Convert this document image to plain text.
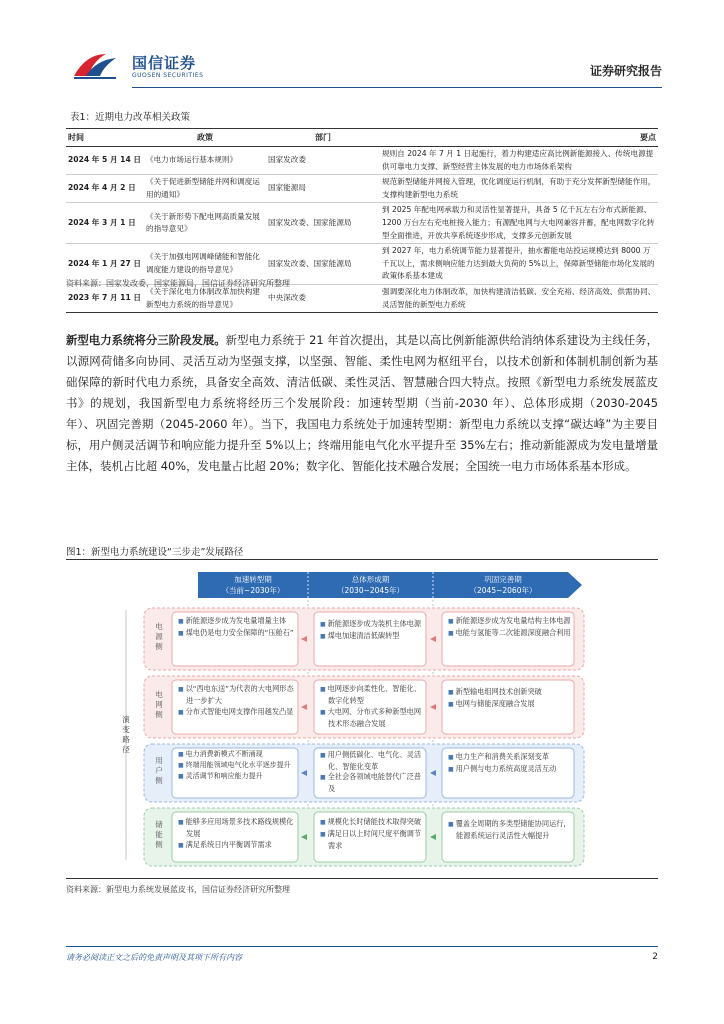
国信证券
GUOSEN SECURITIES	证券研究报告
表1：近期电力改革相关政策
时间	政策	部门	要点
2024 年 5 月 14 日	《电力市场运行基本规则》	国家发改委	规则自 2024 年 7 月 1 日起施行，着力构建适应高比例新能源接入、传统电源提供可靠电力支撑、新型经营主体发展的电力市场体系架构
2024 年 4 月 2 日	《关于促进新型储能并网和调度运用的通知》	国家能源局	规范新型储能并网接入管理，优化调度运行机制，有助于充分发挥新型储能作用，支撑构建新型电力系统
2024 年 3 月 1 日	《关于新形势下配电网高质量发展的指导意见》	国家发改委、国家能源局	到 2025 年配电网承载力和灵活性显著提升，具备 5 亿千瓦左右分布式新能源、1200 万台左右充电桩接入能力；有源配电网与大电网兼容并蓄，配电网数字化转型全面推进，开放共享系统逐步形成，支撑多元创新发展
2024 年 1 月 27 日	《关于加强电网调峰储能和智能化调度能力建设的指导意见》	国家发改委、国家能源局	到 2027 年，电力系统调节能力显著提升，抽水蓄能电站投运规模达到 8000 万千瓦以上，需求侧响应能力达到最大负荷的 5%以上，保障新型储能市场化发展的政策体系基本建成
2023 年 7 月 11 日	《关于深化电力体制改革加快构建新型电力系统的指导意见》	中央深改委	强调要深化电力体制改革，加快构建清洁低碳、安全充裕、经济高效、供需协同、灵活智能的新型电力系统
资料来源：国家发改委，国家能源局，国信证券经济研究所整理
新型电力系统将分三阶段发展。新型电力系统于 21 年首次提出，其是以高比例新能源供给消纳体系建设为主线任务，以源网荷储多向协同、灵活互动为坚强支撑，以坚强、智能、柔性电网为枢纽平台，以技术创新和体制机制创新为基础保障的新时代电力系统，具备安全高效、清洁低碳、柔性灵活、智慧融合四大特点。按照《新型电力系统发展蓝皮书》的规划，我国新型电力系统将经历三个发展阶段：加速转型期（当前-2030 年）、总体形成期（2030-2045 年）、巩固完善期（2045-2060 年）。当下，我国电力系统处于加速转型期：新型电力系统以支撑“碳达峰”为主要目标，用户侧灵活调节和响应能力提升至 5%以上；终端用能电气化水平提升至 35%左右；推动新能源成为发电量增量主体，装机占比超 40%，发电量占比超 20%；数字化、智能化技术融合发展；全国统一电力市场体系基本形成。
图1：新型电力系统建设“三步走”发展路径
加速转型期
（当前~2030年）
总体形成期
（2030~2045年）
巩固完善期
（2045~2060年）
演变路径
电源侧
电网侧
用户侧
储能侧
■ 新能源逐步成为发电量增量主体
■ 煤电仍是电力安全保障的“压舱石”
■ 新能源逐步成为装机主体电源
■ 煤电加速清洁低碳转型
■ 新能源逐步成为发电量结构主体电源
■ 电能与氢能等二次能源深度融合利用
■ 以“西电东送”为代表的大电网形态进一步扩大
■ 分布式智能电网支撑作用越发凸显
■ 电网逐步向柔性化、智能化、数字化转型
■ 大电网、分布式多种新型电网技术形态融合发展
■ 新型输电组网技术创新突破
■ 电网与储能深度融合发展
■ 电力消费新模式不断涌现
■ 终端用能领域电气化水平逐步提升
■ 灵活调节和响应能力提升
■ 用户侧低碳化、电气化、灵活化、智能化变革
■ 全社会各领域电能替代广泛普及
■ 电力生产和消费关系深刻变革
■ 用户侧与电力系统高度灵活互动
■ 能够多应用场景多技术路线规模化发展
■ 满足系统日内平衡调节需求
■ 规模化长时储能技术取得突破
■ 满足日以上时间尺度平衡调节需求
■ 覆盖全周期的多类型储能协同运行，能源系统运行灵活性大幅提升
资料来源：新型电力系统发展蓝皮书，国信证券经济研究所整理
请务必阅读正文之后的免责声明及其项下所有内容	2
